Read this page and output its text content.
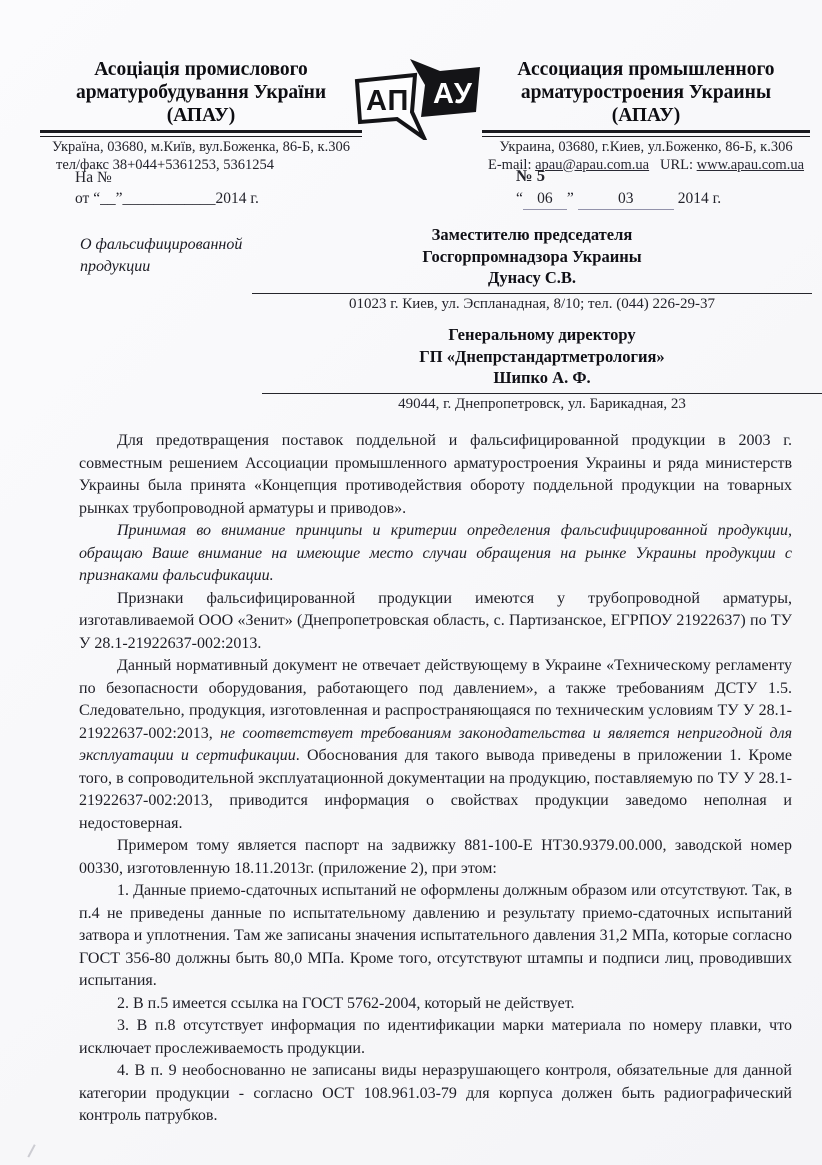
Асоціація промислового
арматуробудування України
(АПАУ)
Україна, 03680, м.Київ, вул.Боженка, 86-Б, к.306
тел/факс 38+044+5361253, 5361254
АП АУ
Ассоциация промышленного
арматуростроения Украины
(АПАУ)
Украина, 03680, г.Киев, ул.Боженко, 86-Б, к.306
E-mail: apau@apau.com.ua URL: www.apau.com.ua
На №
от “__”____________2014 г.
№ 5
“ 06 ”	03	2014 г.
О фальсифицированной продукции
Заместителю председателя
Госгорпромнадзора Украины
Дунасу С.В.
01023 г. Киев, ул. Эспланадная, 8/10; тел. (044) 226-29-37
Генеральному директору
ГП «Днепрстандартметрология»
Шипко А. Ф.
49044, г. Днепропетровск, ул. Барикадная, 23

Для предотвращения поставок поддельной и фальсифицированной продукции в 2003 г. совместным решением Ассоциации промышленного арматуростроения Украины и ряда министерств Украины была принята «Концепция противодействия обороту поддельной продукции на товарных рынках трубопроводной арматуры и приводов».

Принимая во внимание принципы и критерии определения фальсифицированной продукции, обращаю Ваше внимание на имеющие место случаи обращения на рынке Украины продукции с признаками фальсификации.

Признаки фальсифицированной продукции имеются у трубопроводной арматуры, изготавливаемой ООО «Зенит» (Днепропетровская область, с. Партизанское, ЕГРПОУ 21922637) по ТУ У 28.1-21922637-002:2013.

Данный нормативный документ не отвечает действующему в Украине «Техническому регламенту по безопасности оборудования, работающего под давлением», а также требованиям ДСТУ 1.5. Следовательно, продукция, изготовленная и распространяющаяся по техническим условиям ТУ У 28.1-21922637-002:2013, не соответствует требованиям законодательства и является непригодной для эксплуатации и сертификации. Обоснования для такого вывода приведены в приложении 1. Кроме того, в сопроводительной эксплуатационной документации на продукцию, поставляемую по ТУ У 28.1-21922637-002:2013, приводится информация о свойствах продукции заведомо неполная и недостоверная.

Примером тому является паспорт на задвижку 881-100-Е НТЗ0.9379.00.000, заводской номер 00330, изготовленную 18.11.2013г. (приложение 2), при этом:

1. Данные приемо-сдаточных испытаний не оформлены должным образом или отсутствуют. Так, в п.4 не приведены данные по испытательному давлению и результату приемо-сдаточных испытаний затвора и уплотнения. Там же записаны значения испытательного давления 31,2 МПа, которые согласно ГОСТ 356-80 должны быть 80,0 МПа. Кроме того, отсутствуют штампы и подписи лиц, проводивших испытания.

2. В п.5 имеется ссылка на ГОСТ 5762-2004, который не действует.

3. В п.8 отсутствует информация по идентификации марки материала по номеру плавки, что исключает прослеживаемость продукции.

4. В п. 9 необоснованно не записаны виды неразрушающего контроля, обязательные для данной категории продукции - согласно ОСТ 108.961.03-79 для корпуса должен быть радиографический контроль патрубков.
